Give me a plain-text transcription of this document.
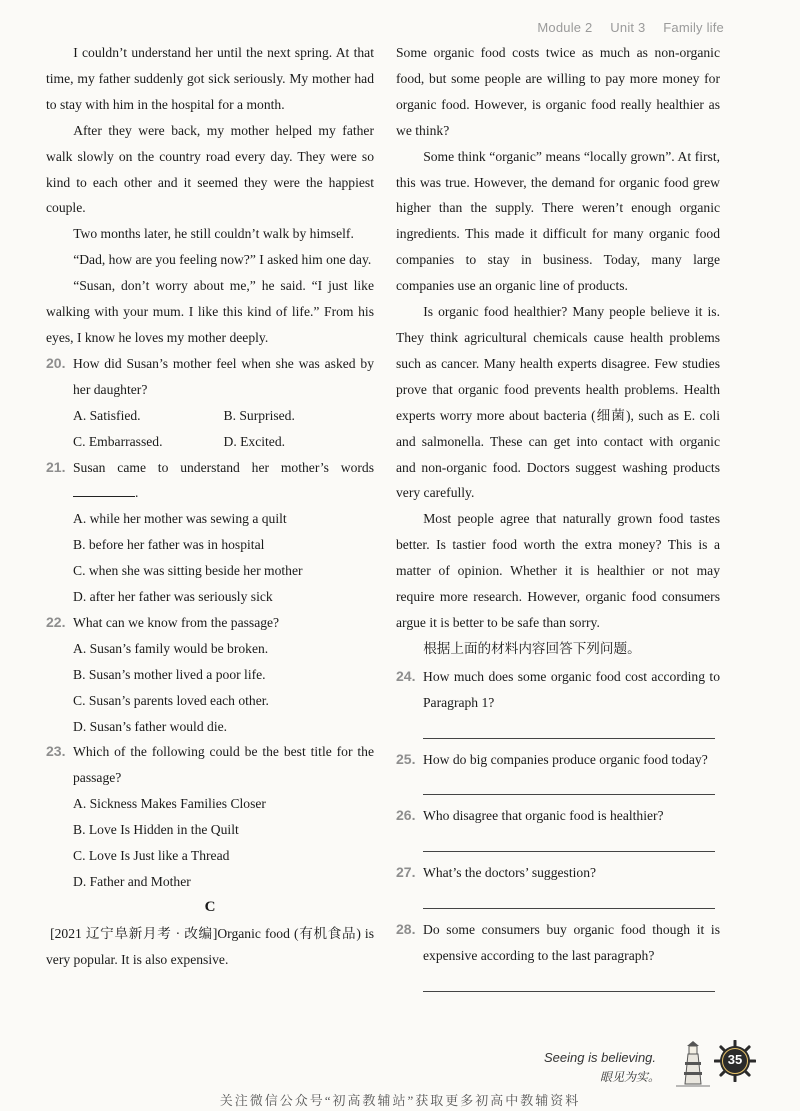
Module 2 Unit 3 Family life

I couldn’t understand her until the next spring. At that time, my father suddenly got sick seriously. My mother had to stay with him in the hospital for a month.

After they were back, my mother helped my father walk slowly on the country road every day. They were so kind to each other and it seemed they were the happiest couple.

Two months later, he still couldn’t walk by himself.

“Dad, how are you feeling now?” I asked him one day.

“Susan, don’t worry about me,” he said. “I just like walking with your mum. I like this kind of life.” From his eyes, I know he loves my mother deeply.

20. How did Susan’s mother feel when she was asked by her daughter?
A. Satisfied.	B. Surprised.
C. Embarrassed.	D. Excited.
21. Susan came to understand her mother’s words
.
A. while her mother was sewing a quilt
B. before her father was in hospital
C. when she was sitting beside her mother
D. after her father was seriously sick
22. What can we know from the passage?
A. Susan’s family would be broken.
B. Susan’s mother lived a poor life.
C. Susan’s parents loved each other.
D. Susan’s father would die.
23. Which of the following could be the best title for the passage?
A. Sickness Makes Families Closer
B. Love Is Hidden in the Quilt
C. Love Is Just like a Thread
D. Father and Mother

C

[2021 辽宁阜新月考 · 改编]Organic food (有机食品) is very popular. It is also expensive.

Some organic food costs twice as much as non-organic food, but some people are willing to pay more money for organic food. However, is organic food really healthier as we think?

Some think “organic” means “locally grown”. At first, this was true. However, the demand for organic food grew higher than the supply. There weren’t enough organic ingredients. This made it difficult for many organic food companies to stay in business. Today, many large companies use an organic line of products.

Is organic food healthier? Many people believe it is. They think agricultural chemicals cause health problems such as cancer. Many health experts disagree. Few studies prove that organic food prevents health problems. Health experts worry more about bacteria (细菌), such as E. coli and salmonella. These can get into contact with organic and non-organic food. Doctors suggest washing products very carefully.

Most people agree that naturally grown food tastes better. Is tastier food worth the extra money? This is a matter of opinion. Whether it is healthier or not may require more research. However, organic food consumers argue it is better to be safe than sorry.

根据上面的材料内容回答下列问题。

24. How much does some organic food cost according to Paragraph 1?
25. How do big companies produce organic food today?
26. Who disagree that organic food is healthier?
27. What’s the doctors’ suggestion?
28. Do some consumers buy organic food though it is expensive according to the last paragraph?
Seeing is believing.
眼见为实。
35
关注微信公众号“初高教辅站”获取更多初高中教辅资料
